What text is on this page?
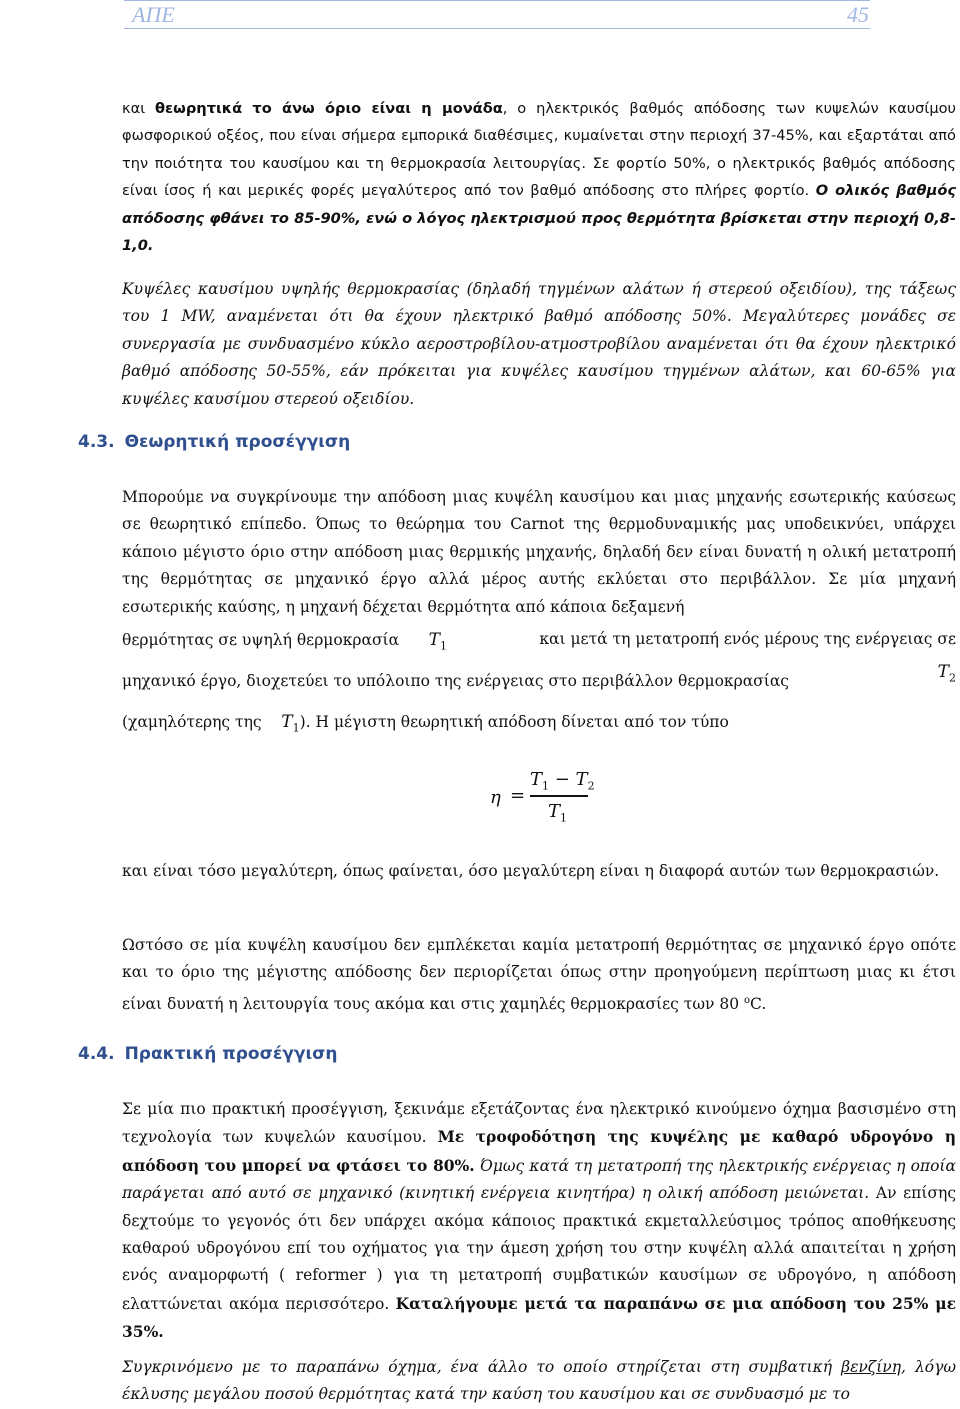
ΑΠΕ	45

και θεωρητικά το άνω όριο είναι η μονάδα, ο ηλεκτρικός βαθμός απόδοσης των κυψελών καυσίμου φωσφορικού οξέος, που είναι σήμερα εμπορικά διαθέσιμες, κυμαίνεται στην περιοχή 37-45%, και εξαρτάται από την ποιότητα του καυσίμου και τη θερμοκρασία λειτουργίας. Σε φορτίο 50%, ο ηλεκτρικός βαθμός απόδοσης είναι ίσος ή και μερικές φορές μεγαλύτερος από τον βαθμό απόδοσης στο πλήρες φορτίο. Ο ολικός βαθμός απόδοσης φθάνει το 85-90%, ενώ ο λόγος ηλεκτρισμού προς θερμότητα βρίσκεται στην περιοχή 0,8-1,0.

Κυψέλες καυσίμου υψηλής θερμοκρασίας (δηλαδή τηγμένων αλάτων ή στερεού οξειδίου), της τάξεως του 1 MW, αναμένεται ότι θα έχουν ηλεκτρικό βαθμό απόδοσης 50%. Μεγαλύτερες μονάδες σε συνεργασία με συνδυασμένο κύκλο αεροστροβίλου-ατμοστροβίλου αναμένεται ότι θα έχουν ηλεκτρικό βαθμό απόδοσης 50-55%, εάν πρόκειται για κυψέλες καυσίμου τηγμένων αλάτων, και 60-65% για κυψέλες καυσίμου στερεού οξειδίου.

4.3. Θεωρητική προσέγγιση

Μπορούμε να συγκρίνουμε την απόδοση μιας κυψέλη καυσίμου και μιας μηχανής εσωτερικής καύσεως σε θεωρητικό επίπεδο. Όπως το θεώρημα του Carnot της θερμοδυναμικής μας υποδεικνύει, υπάρχει κάποιο μέγιστο όριο στην απόδοση μιας θερμικής μηχανής, δηλαδή δεν είναι δυνατή η ολική μετατροπή της θερμότητας σε μηχανικό έργο αλλά μέρος αυτής εκλύεται στο περιβάλλον. Σε μία μηχανή εσωτερικής καύσης, η μηχανή δέχεται θερμότητα από κάποια δεξαμενή

θερμότητας σε υψηλή θερμοκρασία $T_1$	και μετά τη μετατροπή ενός μέρους της ενέργειας σε
μηχανικό έργο, διοχετεύει το υπόλοιπο της ενέργειας στο περιβάλλον θερμοκρασίας	$T_2$
(χαμηλότερης της $T_1$). Η μέγιστη θεωρητική απόδοση δίνεται από τον τύπο
η =
$T_1 - T_2$
$T_1$

και είναι τόσο μεγαλύτερη, όπως φαίνεται, όσο μεγαλύτερη είναι η διαφορά αυτών των θερμοκρασιών.

Ωστόσο σε μία κυψέλη καυσίμου δεν εμπλέκεται καμία μετατροπή θερμότητας σε μηχανικό έργο οπότε και το όριο της μέγιστης απόδοσης δεν περιορίζεται όπως στην προηγούμενη περίπτωση μιας κι έτσι είναι δυνατή η λειτουργία τους ακόμα και στις χαμηλές θερμοκρασίες των 80 $^o$C.

4.4. Πρακτική προσέγγιση

Σε μία πιο πρακτική προσέγγιση, ξεκινάμε εξετάζοντας ένα ηλεκτρικό κινούμενο όχημα βασισμένο στη τεχνολογία των κυψελών καυσίμου. Με τροφοδότηση της κυψέλης με καθαρό υδρογόνο η απόδοση του μπορεί να φτάσει το 80%. Όμως κατά τη μετατροπή της ηλεκτρικής ενέργειας η οποία παράγεται από αυτό σε μηχανικό (κινητική ενέργεια κινητήρα) η ολική απόδοση μειώνεται. Αν επίσης δεχτούμε το γεγονός ότι δεν υπάρχει ακόμα κάποιος πρακτικά εκμεταλλεύσιμος τρόπος αποθήκευσης καθαρού υδρογόνου επί του οχήματος για την άμεση χρήση του στην κυψέλη αλλά απαιτείται η χρήση ενός αναμορφωτή ( reformer ) για τη μετατροπή συμβατικών καυσίμων σε υδρογόνο, η απόδοση ελαττώνεται ακόμα περισσότερο. Καταλήγουμε μετά τα παραπάνω σε μια απόδοση του 25% με 35%.

Συγκρινόμενο με το παραπάνω όχημα, ένα άλλο το οποίο στηρίζεται στη συμβατική βενζίνη, λόγω έκλυσης μεγάλου ποσού θερμότητας κατά την καύση του καυσίμου και σε συνδυασμό με το
